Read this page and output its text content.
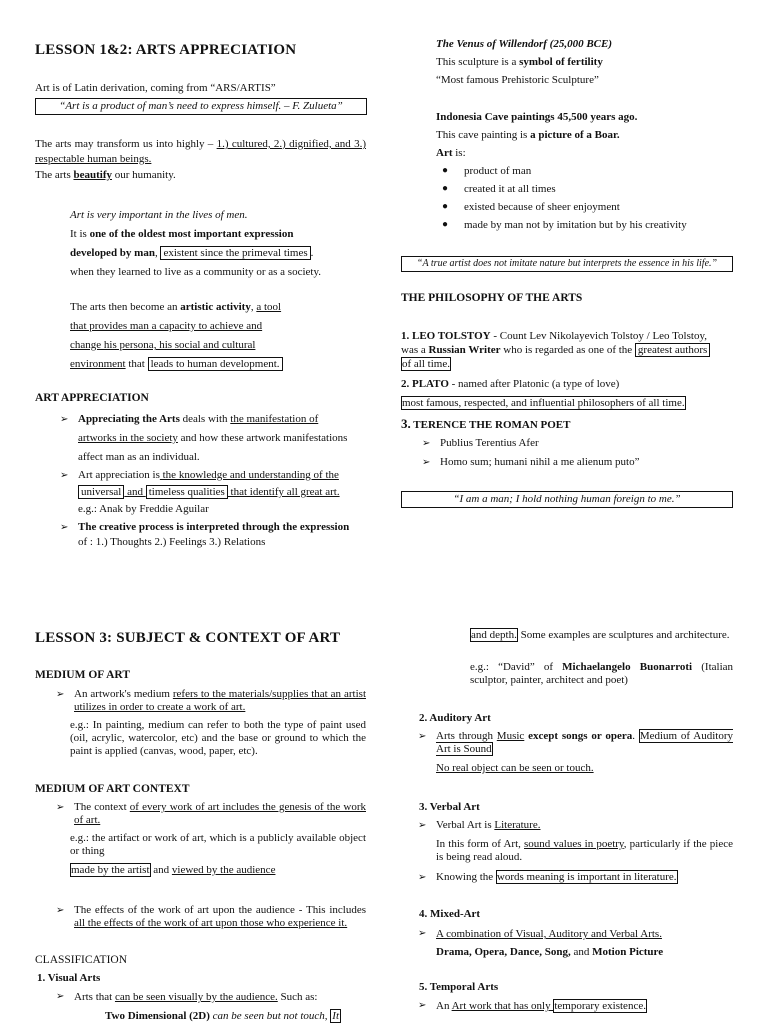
LESSON 1&2: ARTS APPRECIATION
Art is of Latin derivation, coming from “ARS/ARTIS”
“Art is a product of man’s need to express himself. – F. Zulueta”
The arts may transform us into highly – 1.) cultured, 2.) dignified, and 3.) respectable human beings.
The arts beautify our humanity.
Art is very important in the lives of men.
It is one of the oldest most important expression
developed by man, existent since the primeval times .
when they learned to live as a community or as a society.
The arts then become an artistic activity, a tool
that provides man a capacity to achieve and
change his persona, his social and cultural
environment that leads to human development.
ART APPRECIATION
➢ Appreciating the Arts deals with the manifestation of
artworks in the society and how these artwork manifestations
affect man as an individual.
➢ Art appreciation is the knowledge and understanding of the
universal and timeless qualities that identify all great art.
e.g.: Anak by Freddie Aguilar
➢ The creative process is interpreted through the expression
of : 1.) Thoughts 2.) Feelings 3.) Relations
The Venus of Willendorf (25,000 BCE)
This sculpture is a symbol of fertility
“Most famous Prehistoric Sculpture”
Indonesia Cave paintings 45,500 years ago.
This cave painting is a picture of a Boar.
Art is:
● product of man
● created it at all times
● existed because of sheer enjoyment
● made by man not by imitation but by his creativity
“A true artist does not imitate nature but interprets the essence in his life.”
THE PHILOSOPHY OF THE ARTS
1. LEO TOLSTOY - Count Lev Nikolayevich Tolstoy / Leo Tolstoy,
was a Russian Writer who is regarded as one of the greatest authors
of all time.
2. PLATO - named after Platonic (a type of love)
most famous, respected, and influential philosophers of all time.
3. TERENCE THE ROMAN POET
➢ Publius Terentius Afer
➢ Homo sum; humani nihil a me alienum puto”
“I am a man; I hold nothing human foreign to me.”
LESSON 3: SUBJECT & CONTEXT OF ART
MEDIUM OF ART
➢ An artwork's medium refers to the materials/supplies that an artist utilizes in order to create a work of art.
e.g.: In painting, medium can refer to both the type of paint used (oil, acrylic, watercolor, etc) and the base or ground to which the paint is applied (canvas, wood, paper, etc).
MEDIUM OF ART CONTEXT
➢ The context of every work of art includes the genesis of the work of art.
e.g.: the artifact or work of art, which is a publicly available object or thing
made by the artist and viewed by the audience
➢ The effects of the work of art upon the audience - This includes all the effects of the work of art upon those who experience it.
CLASSIFICATION
1. Visual Arts
➢ Arts that can be seen visually by the audience. Such as:
Two Dimensional (2D) can be seen but not touch, It
and depth. Some examples are sculptures and architecture.
e.g.: “David” of Michaelangelo Buonarroti (Italian sculptor, painter, architect and poet)
2. Auditory Art
➢ Arts through Music except songs or opera. Medium of Auditory Art is Sound
No real object can be seen or touch.
3. Verbal Art
➢ Verbal Art is Literature.
In this form of Art, sound values in poetry, particularly if the piece is being read aloud.
➢ Knowing the words meaning is important in literature.
4. Mixed-Art
➢ A combination of Visual, Auditory and Verbal Arts.
Drama, Opera, Dance, Song, and Motion Picture
5. Temporal Arts
➢ An Art work that has only temporary existence.
